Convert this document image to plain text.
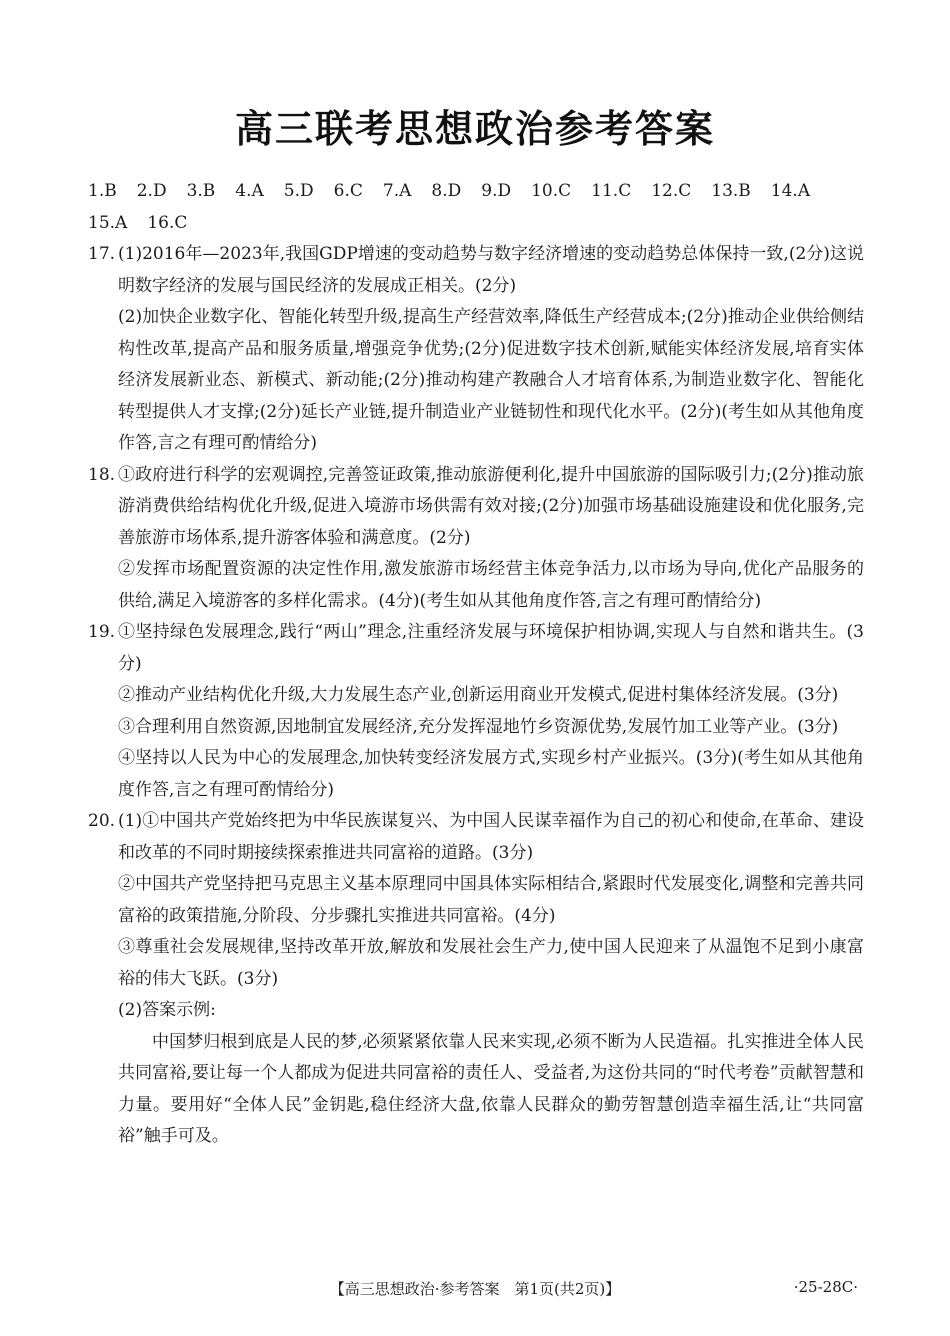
高三联考思想政治参考答案
1.B 2.D 3.B 4.A 5.D 6.C 7.A 8.D 9.D 10.C 11.C 12.C 13.B 14.A
15.A 16.C
17. (1)2016年—2023年,我国GDP增速的变动趋势与数字经济增速的变动趋势总体保持一致,(2分)这说明数字经济的发展与国民经济的发展成正相关。(2分)
(2)加快企业数字化、智能化转型升级,提高生产经营效率,降低生产经营成本;(2分)推动企业供给侧结构性改革,提高产品和服务质量,增强竞争优势;(2分)促进数字技术创新,赋能实体经济发展,培育实体经济发展新业态、新模式、新动能;(2分)推动构建产教融合人才培育体系,为制造业数字化、智能化转型提供人才支撑;(2分)延长产业链,提升制造业产业链韧性和现代化水平。(2分)(考生如从其他角度作答,言之有理可酌情给分)
18. ①政府进行科学的宏观调控,完善签证政策,推动旅游便利化,提升中国旅游的国际吸引力;(2分)推动旅游消费供给结构优化升级,促进入境游市场供需有效对接;(2分)加强市场基础设施建设和优化服务,完善旅游市场体系,提升游客体验和满意度。(2分)
②发挥市场配置资源的决定性作用,激发旅游市场经营主体竞争活力,以市场为导向,优化产品服务的供给,满足入境游客的多样化需求。(4分)(考生如从其他角度作答,言之有理可酌情给分)
19. ①坚持绿色发展理念,践行“两山”理念,注重经济发展与环境保护相协调,实现人与自然和谐共生。(3分)
②推动产业结构优化升级,大力发展生态产业,创新运用商业开发模式,促进村集体经济发展。(3分)
③合理利用自然资源,因地制宜发展经济,充分发挥湿地竹乡资源优势,发展竹加工业等产业。(3分)
④坚持以人民为中心的发展理念,加快转变经济发展方式,实现乡村产业振兴。(3分)(考生如从其他角度作答,言之有理可酌情给分)
20. (1)①中国共产党始终把为中华民族谋复兴、为中国人民谋幸福作为自己的初心和使命,在革命、建设和改革的不同时期接续探索推进共同富裕的道路。(3分)
②中国共产党坚持把马克思主义基本原理同中国具体实际相结合,紧跟时代发展变化,调整和完善共同富裕的政策措施,分阶段、分步骤扎实推进共同富裕。(4分)
③尊重社会发展规律,坚持改革开放,解放和发展社会生产力,使中国人民迎来了从温饱不足到小康富裕的伟大飞跃。(3分)
(2)答案示例:
中国梦归根到底是人民的梦,必须紧紧依靠人民来实现,必须不断为人民造福。扎实推进全体人民共同富裕,要让每一个人都成为促进共同富裕的责任人、受益者,为这份共同的“时代考卷”贡献智慧和力量。要用好“全体人民”金钥匙,稳住经济大盘,依靠人民群众的勤劳智慧创造幸福生活,让“共同富裕”触手可及。
【高三思想政治·参考答案　第1页(共2页)】	·25-28C·
